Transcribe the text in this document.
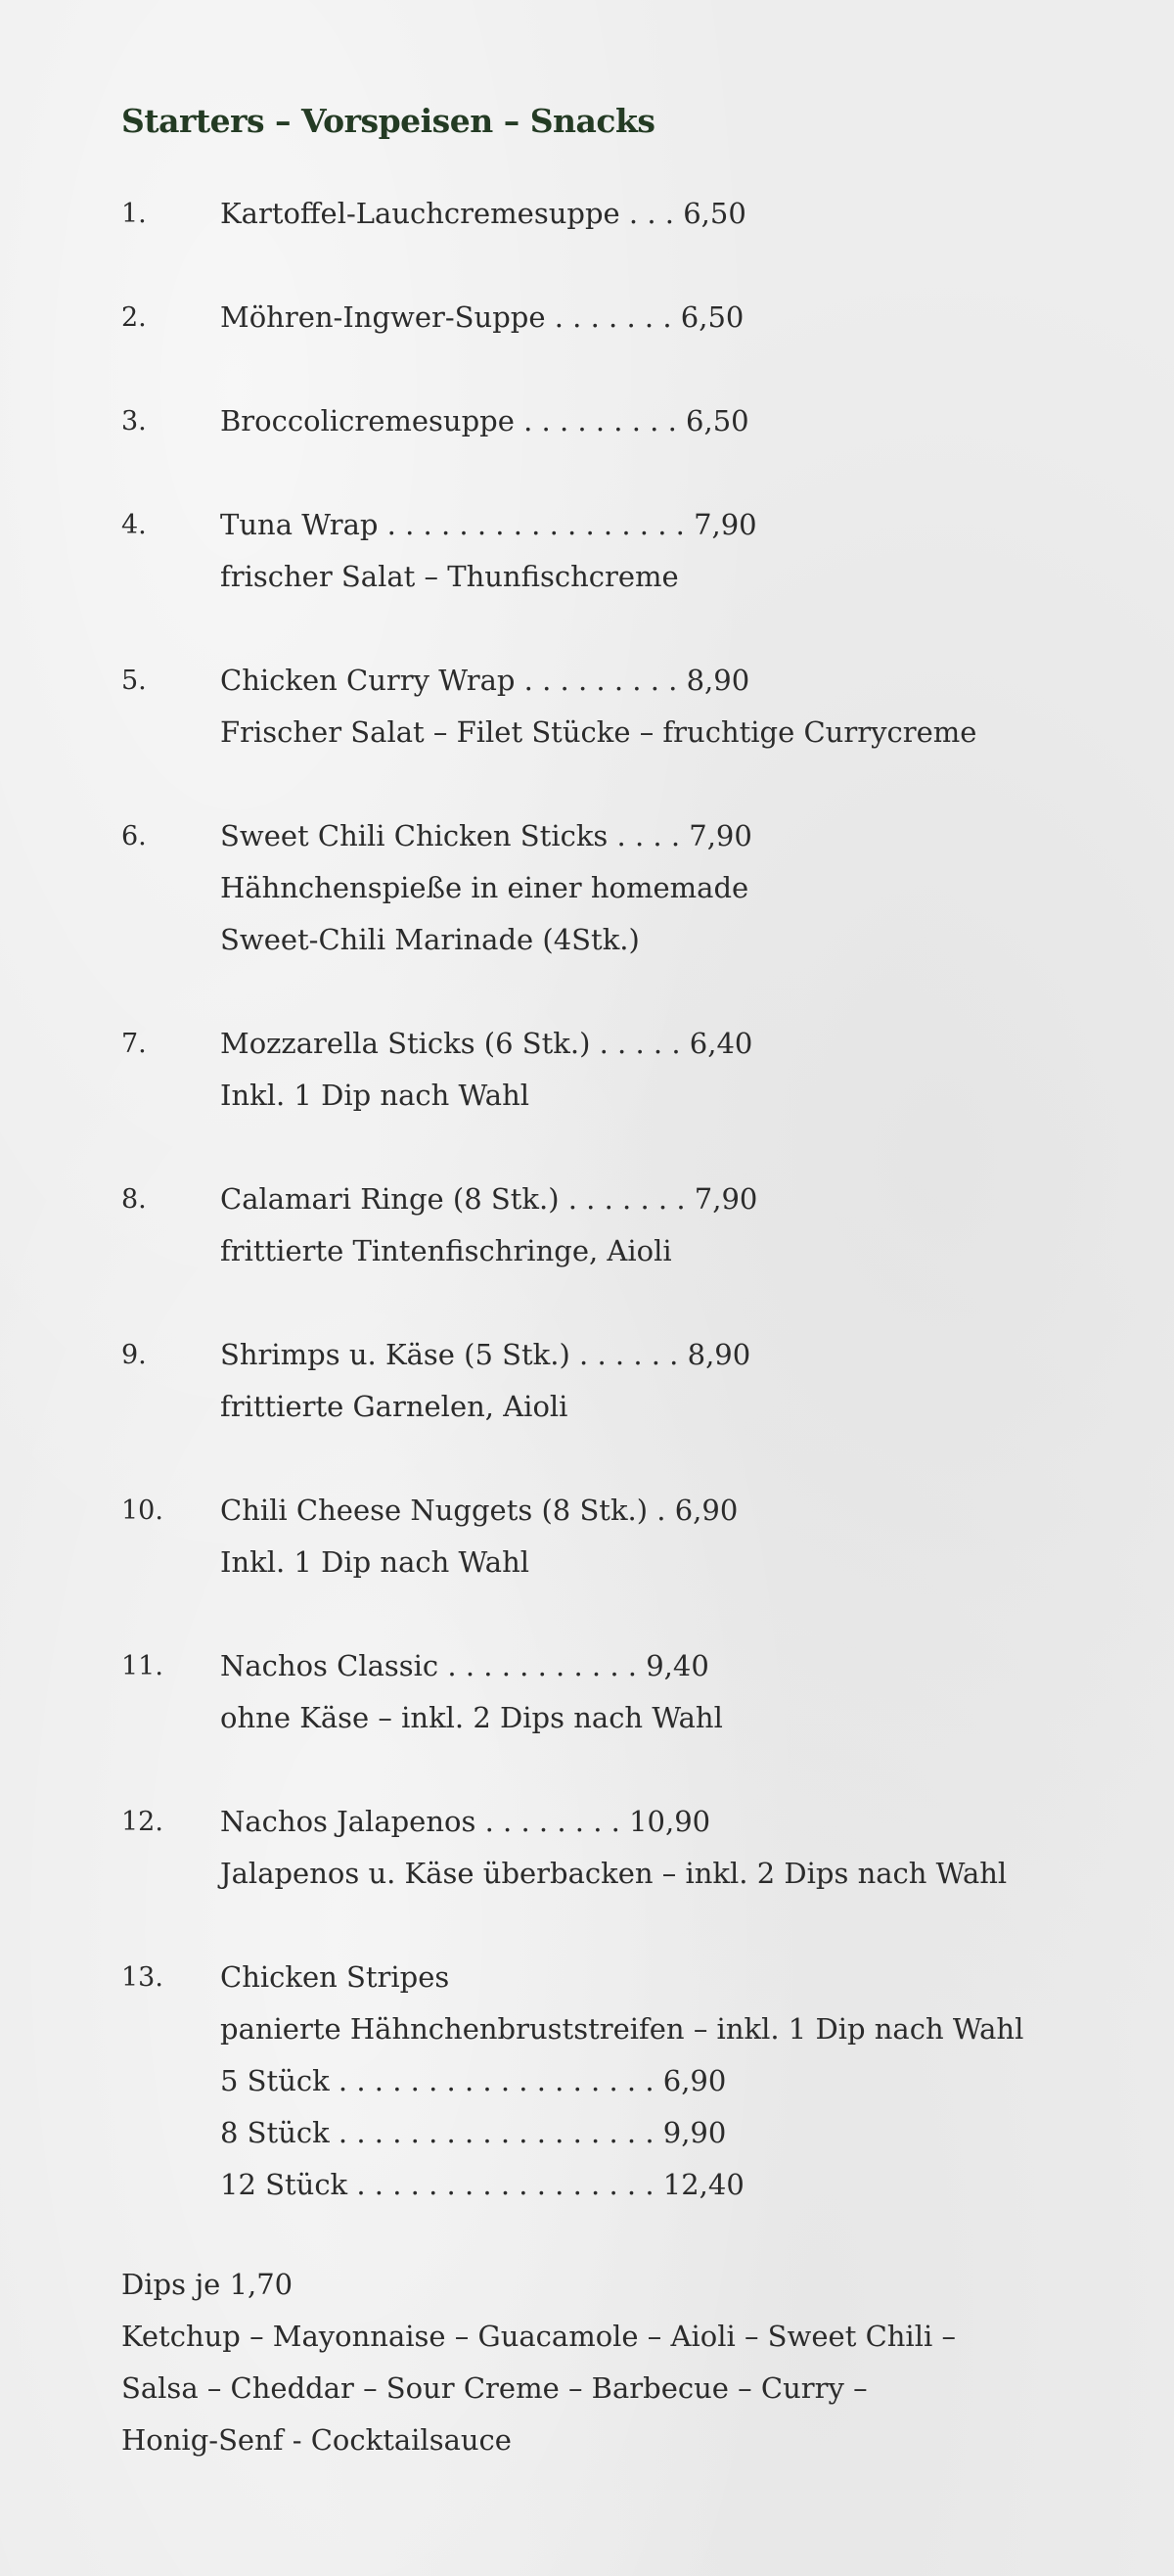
Starters – Vorspeisen – Snacks
1.	Kartoffel-Lauchcremesuppe . . . 6,50
2.	Möhren-Ingwer-Suppe . . . . . . . 6,50
3.	Broccolicremesuppe . . . . . . . . . 6,50
4.	Tuna Wrap . . . . . . . . . . . . . . . . . 7,90
frischer Salat – Thunfischcreme
5.	Chicken Curry Wrap . . . . . . . . . 8,90
Frischer Salat – Filet Stücke – fruchtige Currycreme
6.	Sweet Chili Chicken Sticks . . . . 7,90
Hähnchenspieße in einer homemade
Sweet-Chili Marinade (4Stk.)
7.	Mozzarella Sticks (6 Stk.) . . . . . 6,40
Inkl. 1 Dip nach Wahl
8.	Calamari Ringe (8 Stk.) . . . . . . . 7,90
frittierte Tintenfischringe, Aioli
9.	Shrimps u. Käse (5 Stk.) . . . . . . 8,90
frittierte Garnelen, Aioli
10.	Chili Cheese Nuggets (8 Stk.) . 6,90
Inkl. 1 Dip nach Wahl
11.	Nachos Classic . . . . . . . . . . . 9,40
ohne Käse – inkl. 2 Dips nach Wahl
12.	Nachos Jalapenos . . . . . . . . 10,90
Jalapenos u. Käse überbacken – inkl. 2 Dips nach Wahl
13.	Chicken Stripes
panierte Hähnchenbruststreifen – inkl. 1 Dip nach Wahl
5 Stück . . . . . . . . . . . . . . . . . . 6,90
8 Stück . . . . . . . . . . . . . . . . . . 9,90
12 Stück . . . . . . . . . . . . . . . . . 12,40
Dips je 1,70
Ketchup – Mayonnaise – Guacamole – Aioli – Sweet Chili –
Salsa – Cheddar – Sour Creme – Barbecue – Curry –
Honig-Senf - Cocktailsauce
